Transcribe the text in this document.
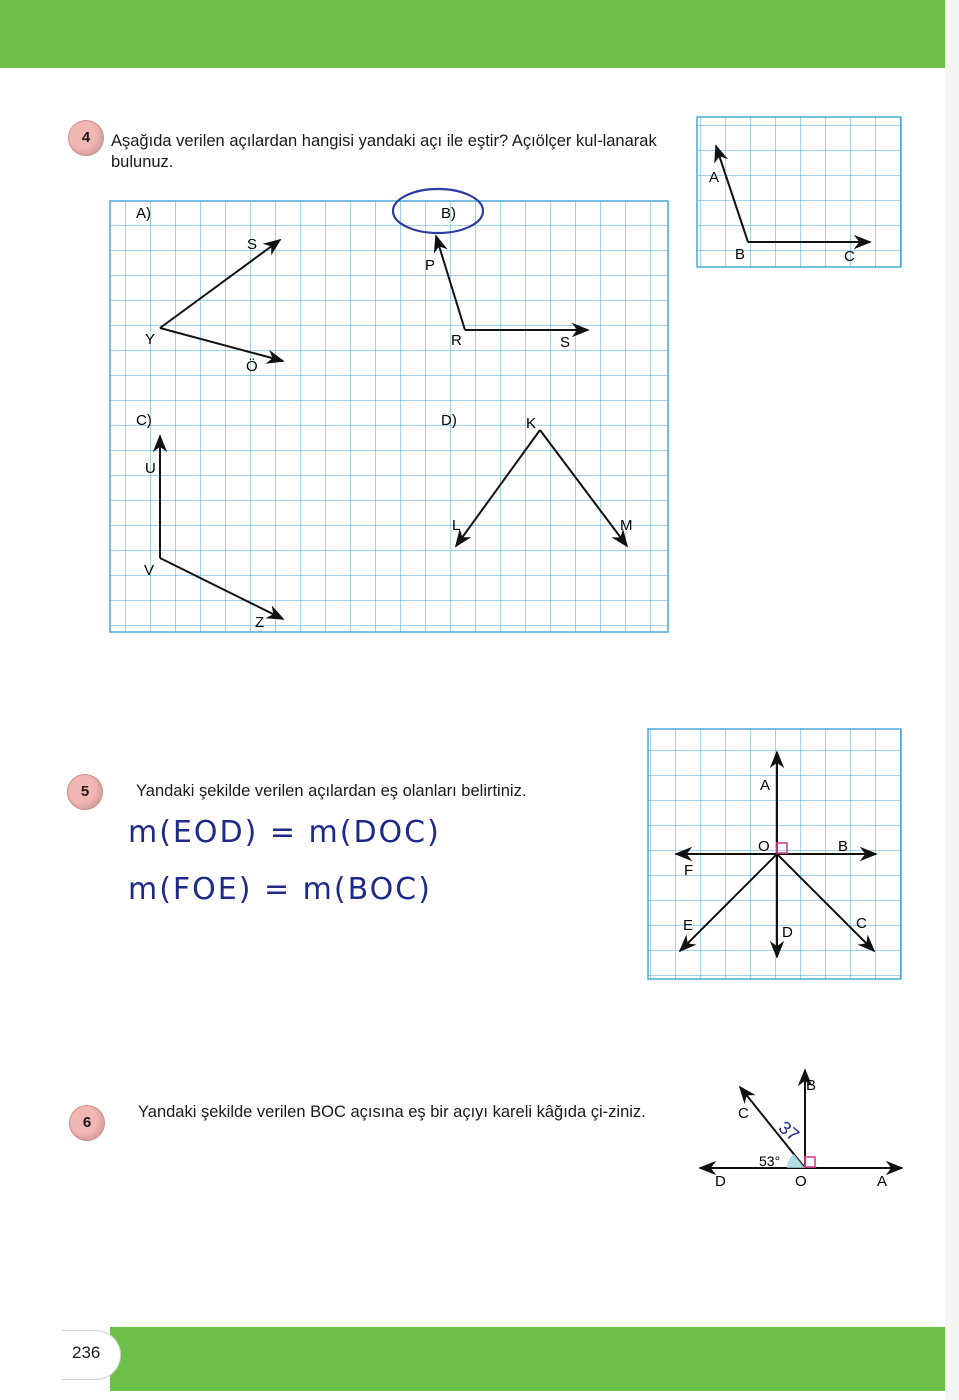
236
4	Aşağıda verilen açılardan hangisi yandaki açı ile eştir? Açıölçer kul-lanarak bulunuz.
5	Yandaki şekilde verilen açılardan eş olanları belirtiniz.
m(EOD) = m(DOC)
m(FOE) = m(BOC)
6
Yandaki şekilde verilen BOC açısına eş bir açıyı kareli kâğıda çi-ziniz.
A
B	C
A)
S
Y
Ö
B)
P
R	S
C)
U
V
Z
D)	K
L	M
A
O	B
F
E	D
C
B
C
53°
37
D	O	A
